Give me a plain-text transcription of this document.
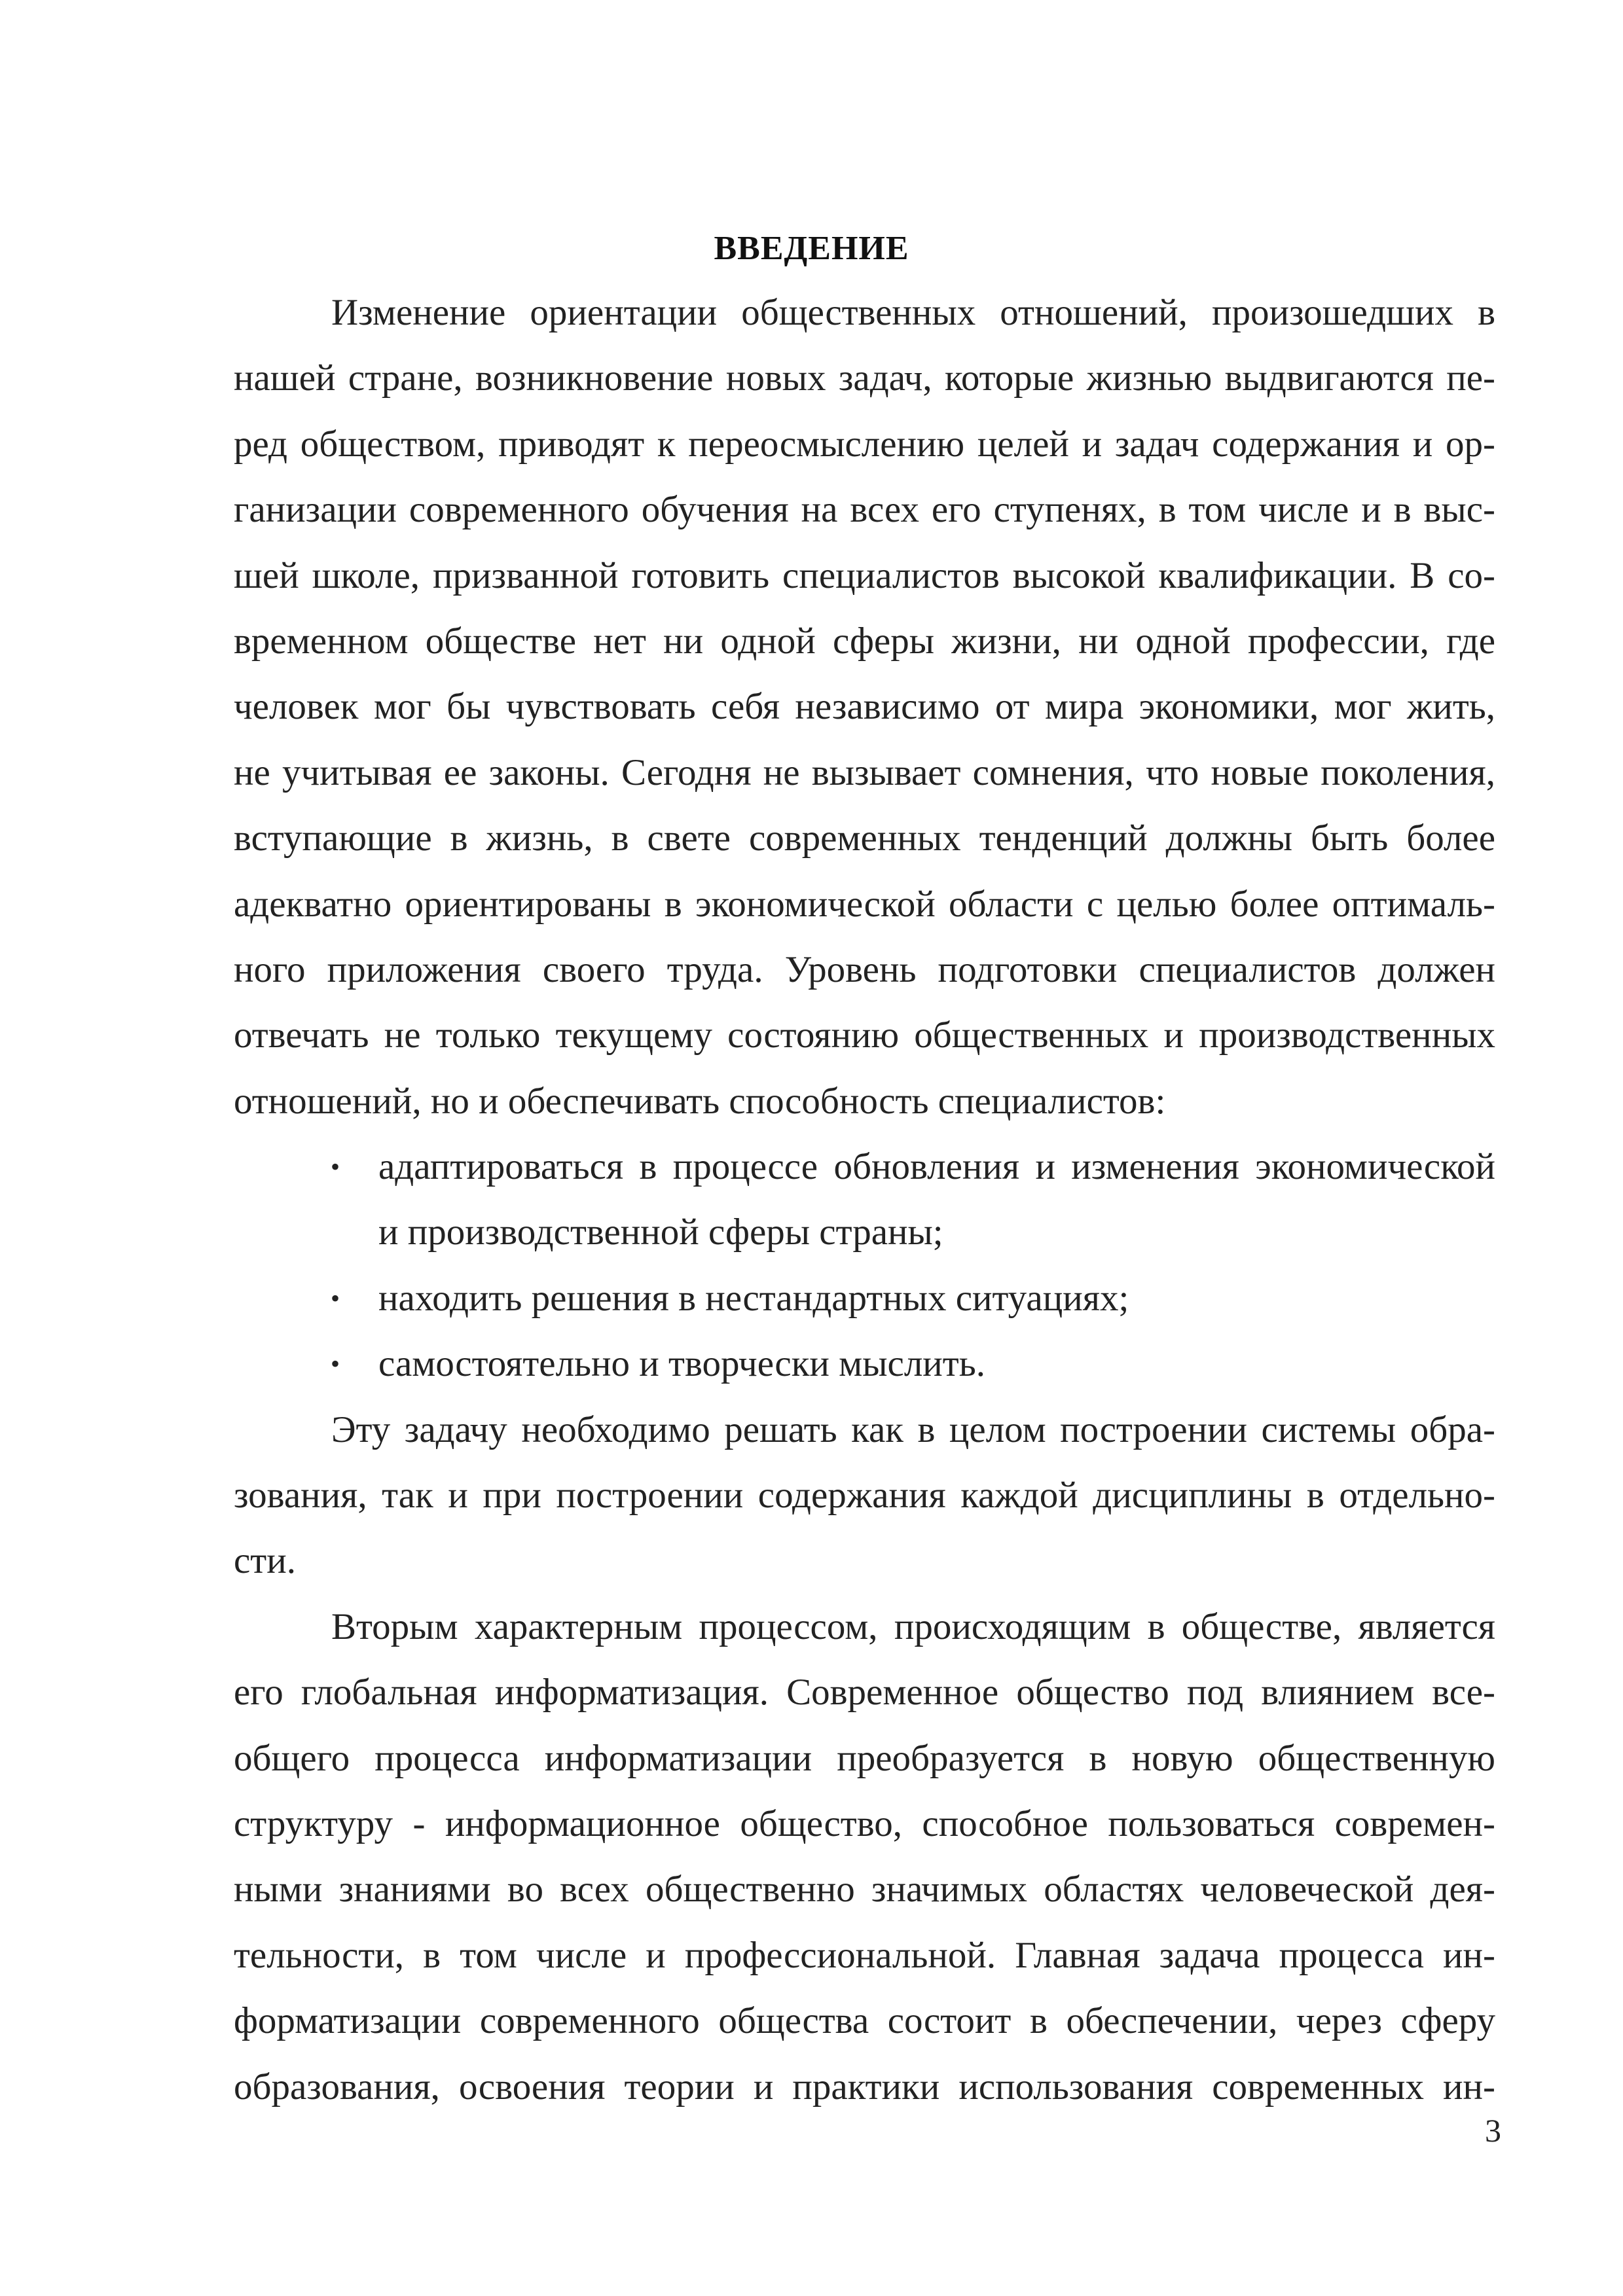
ВВЕДЕНИЕ
Изменение ориентации общественных отношений, произошедших в
нашей стране, возникновение новых задач, которые жизнью выдвигаются пе-
ред обществом, приводят к переосмыслению целей и задач содержания и ор-
ганизации современного обучения на всех его ступенях, в том числе и в выс-
шей школе, призванной готовить специалистов высокой квалификации. В со-
временном обществе нет ни одной сферы жизни, ни одной профессии, где
человек мог бы чувствовать себя независимо от мира экономики, мог жить,
не учитывая ее законы. Сегодня не вызывает сомнения, что новые поколения,
вступающие в жизнь, в свете современных тенденций должны быть более
адекватно ориентированы в экономической области с целью более оптималь-
ного приложения своего труда. Уровень подготовки специалистов должен
отвечать не только текущему состоянию общественных и производственных
отношений, но и обеспечивать способность специалистов:
•	адаптироваться в процессе обновления и изменения экономической
и производственной сферы страны;
•	находить решения в нестандартных ситуациях;
•	самостоятельно и творчески мыслить.
Эту задачу необходимо решать как в целом построении системы обра-
зования, так и при построении содержания каждой дисциплины в отдельно-
сти.
Вторым характерным процессом, происходящим в обществе, является
его глобальная информатизация. Современное общество под влиянием все-
общего процесса информатизации преобразуется в новую общественную
структуру - информационное общество, способное пользоваться современ-
ными знаниями во всех общественно значимых областях человеческой дея-
тельности, в том числе и профессиональной. Главная задача процесса ин-
форматизации современного общества состоит в обеспечении, через сферу
образования, освоения теории и практики использования современных ин-
3
